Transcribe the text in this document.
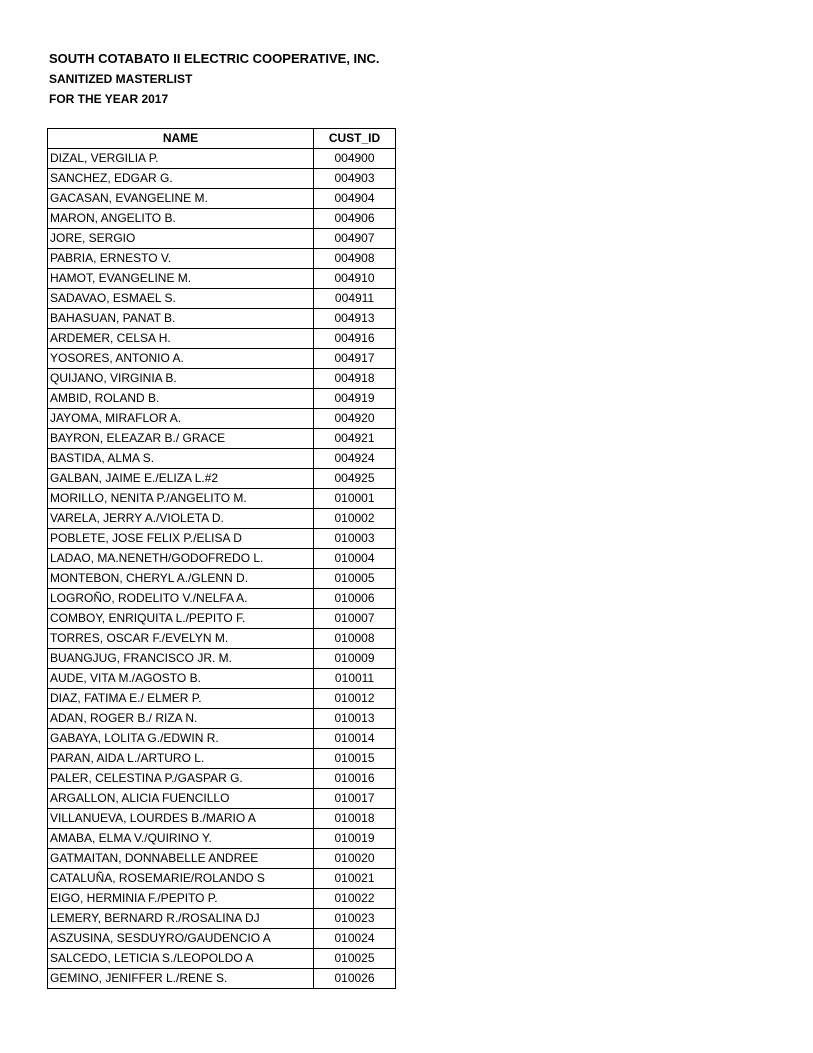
SOUTH COTABATO II ELECTRIC COOPERATIVE, INC.
SANITIZED MASTERLIST
FOR THE YEAR 2017
NAME	CUST_ID
DIZAL, VERGILIA P.	004900
SANCHEZ, EDGAR G.	004903
GACASAN, EVANGELINE M.	004904
MARON, ANGELITO B.	004906
JORE, SERGIO	004907
PABRIA, ERNESTO V.	004908
HAMOT, EVANGELINE M.	004910
SADAVAO, ESMAEL S.	004911
BAHASUAN, PANAT B.	004913
ARDEMER, CELSA H.	004916
YOSORES, ANTONIO A.	004917
QUIJANO, VIRGINIA B.	004918
AMBID, ROLAND B.	004919
JAYOMA, MIRAFLOR A.	004920
BAYRON, ELEAZAR B./ GRACE	004921
BASTIDA, ALMA S.	004924
GALBAN, JAIME E./ELIZA L.#2	004925
MORILLO, NENITA P./ANGELITO M.	010001
VARELA, JERRY A./VIOLETA D.	010002
POBLETE, JOSE FELIX P./ELISA D	010003
LADAO, MA.NENETH/GODOFREDO L.	010004
MONTEBON, CHERYL A./GLENN D.	010005
LOGROÑO, RODELITO V./NELFA A.	010006
COMBOY, ENRIQUITA L./PEPITO F.	010007
TORRES, OSCAR F./EVELYN M.	010008
BUANGJUG, FRANCISCO JR. M.	010009
AUDE, VITA M./AGOSTO B.	010011
DIAZ, FATIMA E./ ELMER P.	010012
ADAN, ROGER B./ RIZA N.	010013
GABAYA, LOLITA G./EDWIN R.	010014
PARAN, AIDA L./ARTURO L.	010015
PALER, CELESTINA P./GASPAR G.	010016
ARGALLON, ALICIA FUENCILLO	010017
VILLANUEVA, LOURDES B./MARIO A	010018
AMABA, ELMA V./QUIRINO Y.	010019
GATMAITAN, DONNABELLE ANDREE	010020
CATALUÑA, ROSEMARIE/ROLANDO S	010021
EIGO, HERMINIA F./PEPITO P.	010022
LEMERY, BERNARD R./ROSALINA DJ	010023
ASZUSINA, SESDUYRO/GAUDENCIO A	010024
SALCEDO, LETICIA S./LEOPOLDO A	010025
GEMINO, JENIFFER L./RENE S.	010026
